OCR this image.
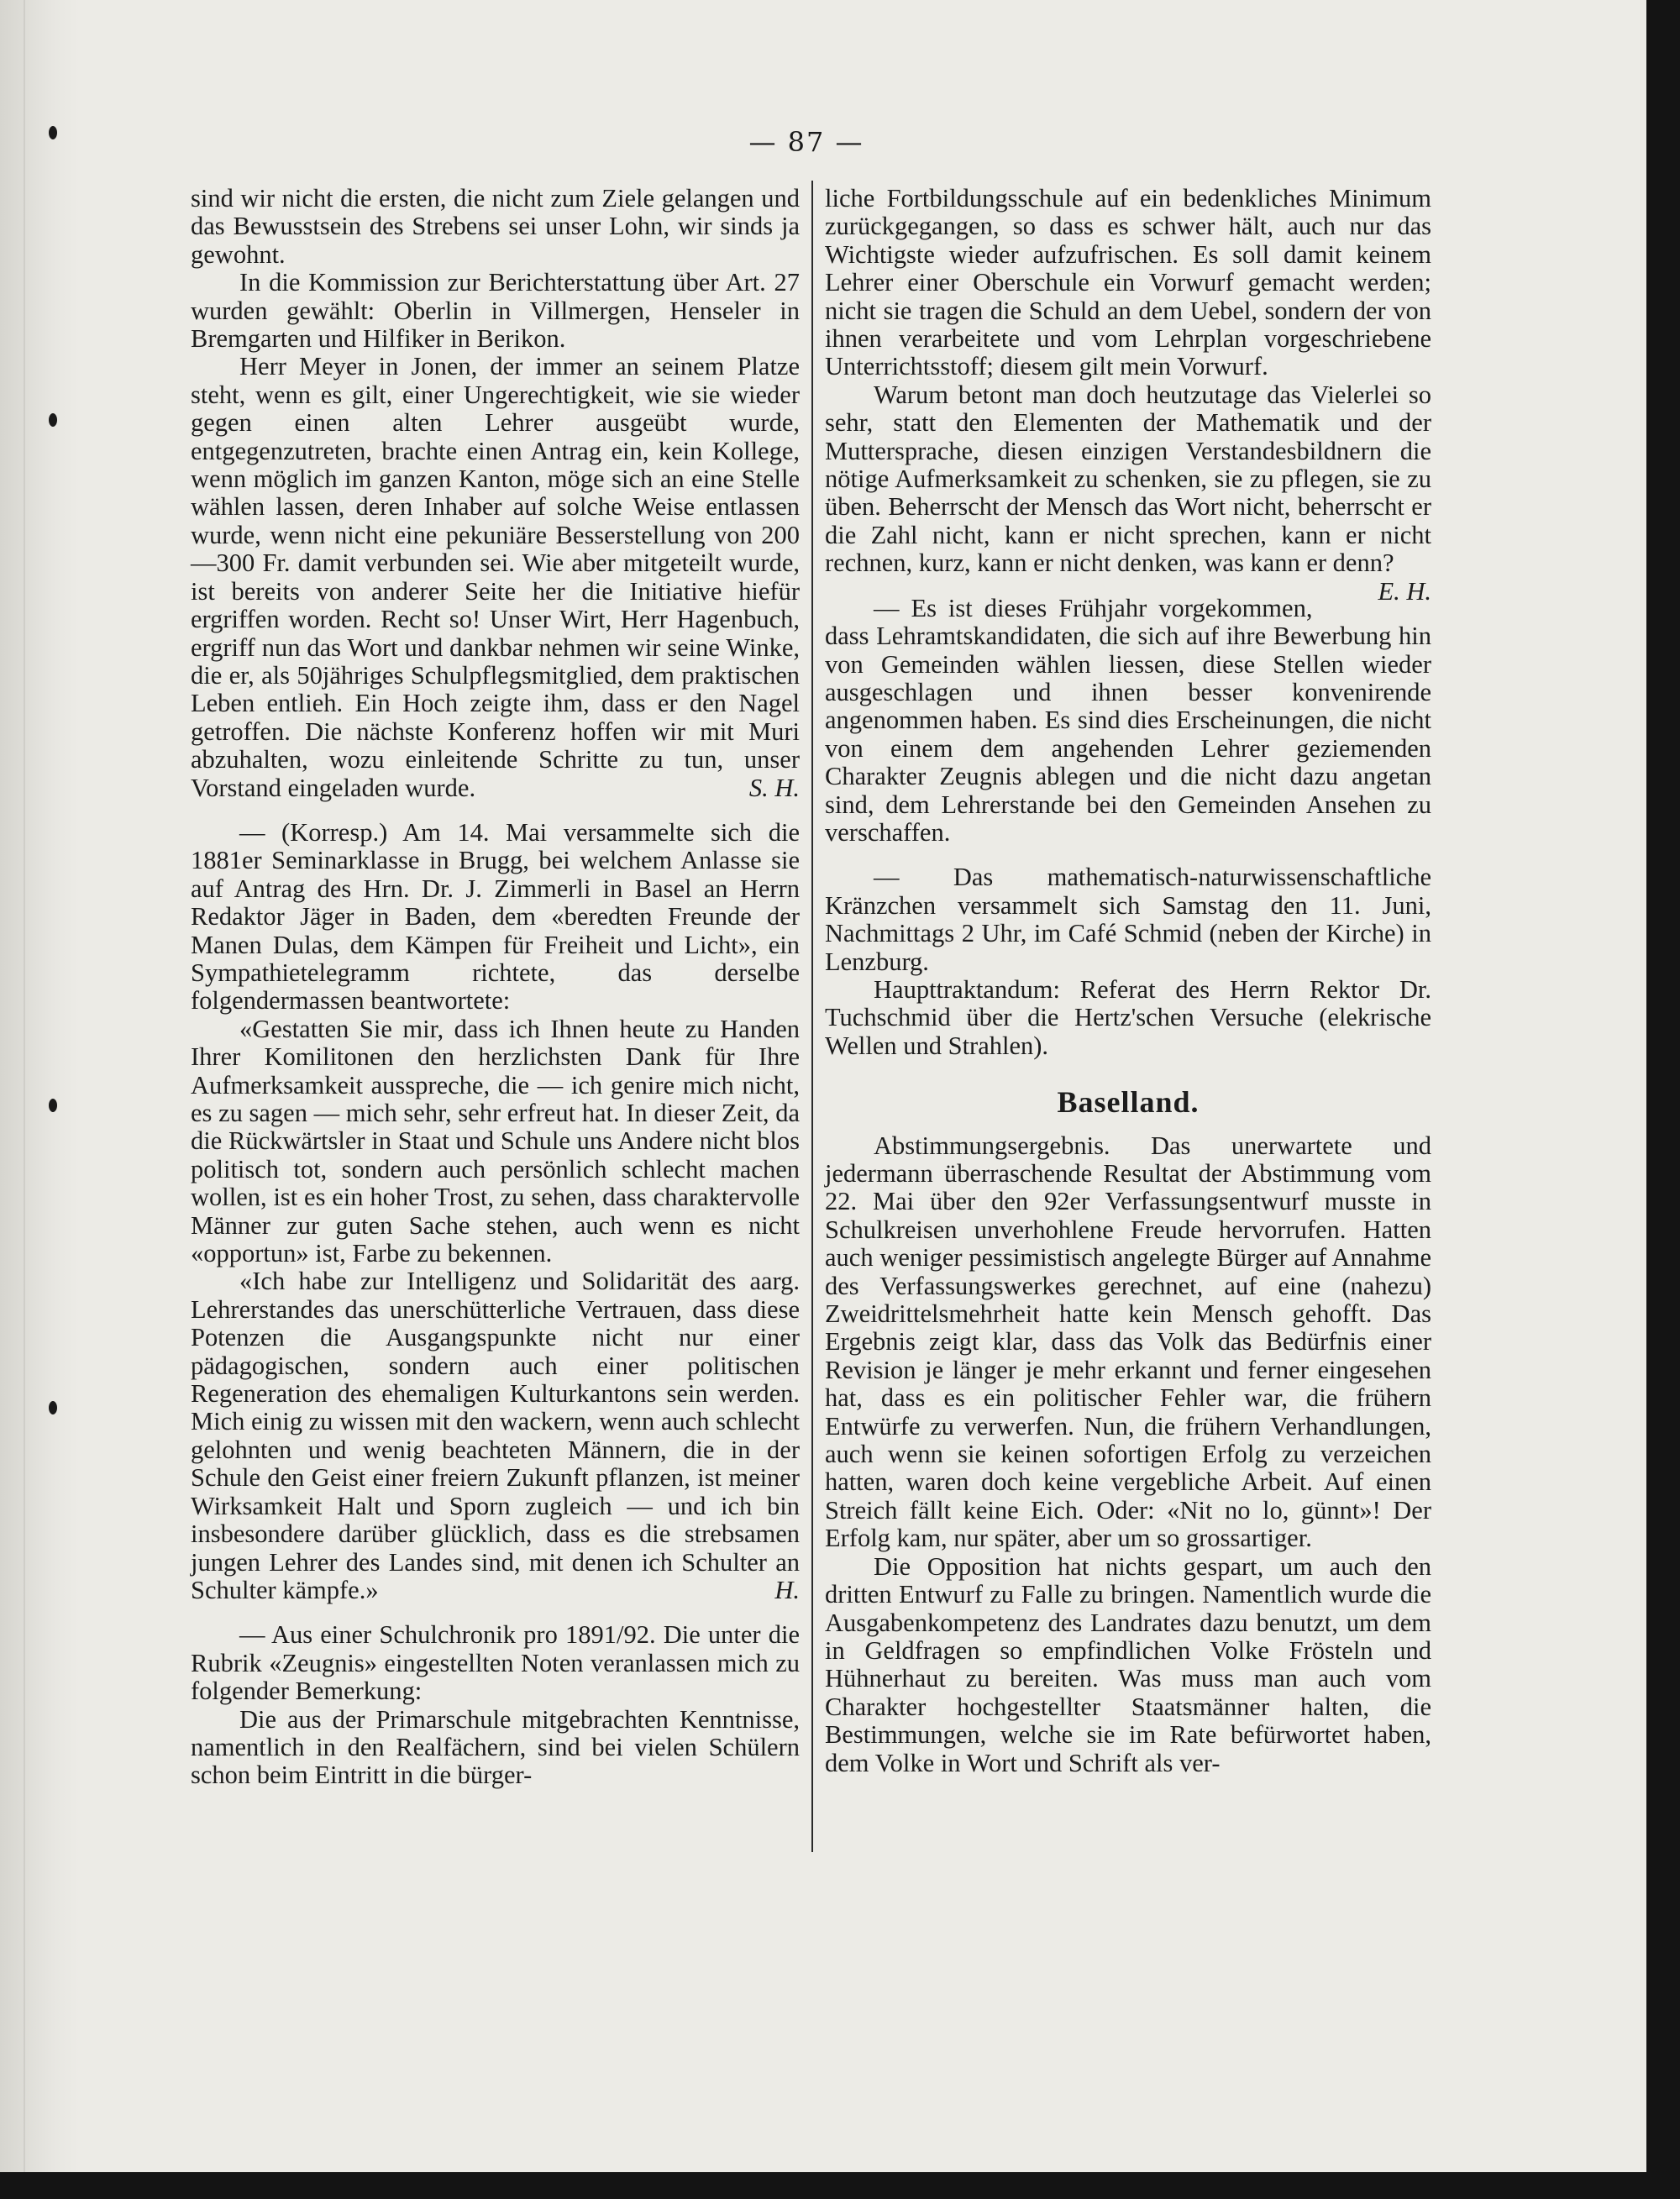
— 87 —

sind wir nicht die ersten, die nicht zum Ziele gelangen und das Bewusstsein des Strebens sei unser Lohn, wir sinds ja gewohnt.

In die Kommission zur Berichterstattung über Art. 27 wurden gewählt: Oberlin in Villmergen, Henseler in Bremgarten und Hilfiker in Berikon.

Herr Meyer in Jonen, der immer an seinem Platze steht, wenn es gilt, einer Ungerechtigkeit, wie sie wieder gegen einen alten Lehrer ausgeübt wurde, entgegenzutreten, brachte einen Antrag ein, kein Kollege, wenn möglich im ganzen Kanton, möge sich an eine Stelle wählen lassen, deren Inhaber auf solche Weise entlassen wurde, wenn nicht eine pekuniäre Besserstellung von 200—300 Fr. damit verbunden sei. Wie aber mitgeteilt wurde, ist bereits von anderer Seite her die Initiative hiefür ergriffen worden. Recht so! Unser Wirt, Herr Hagenbuch, ergriff nun das Wort und dankbar nehmen wir seine Winke, die er, als 50jähriges Schulpflegsmitglied, dem praktischen Leben entlieh. Ein Hoch zeigte ihm, dass er den Nagel getroffen. Die nächste Konferenz hoffen wir mit Muri abzuhalten, wozu einleitende Schritte zu tun, unser Vorstand eingeladen wurde.	S. H.

— (Korresp.) Am 14. Mai versammelte sich die 1881er Seminarklasse in Brugg, bei welchem Anlasse sie auf Antrag des Hrn. Dr. J. Zimmerli in Basel an Herrn Redaktor Jäger in Baden, dem «beredten Freunde der Manen Dulas, dem Kämpen für Freiheit und Licht», ein Sympathietelegramm richtete, das derselbe folgendermassen beantwortete:

«Gestatten Sie mir, dass ich Ihnen heute zu Handen Ihrer Komilitonen den herzlichsten Dank für Ihre Aufmerksamkeit ausspreche, die — ich genire mich nicht, es zu sagen — mich sehr, sehr erfreut hat. In dieser Zeit, da die Rückwärtsler in Staat und Schule uns Andere nicht blos politisch tot, sondern auch persönlich schlecht machen wollen, ist es ein hoher Trost, zu sehen, dass charaktervolle Männer zur guten Sache stehen, auch wenn es nicht «opportun» ist, Farbe zu bekennen.

«Ich habe zur Intelligenz und Solidarität des aarg. Lehrerstandes das unerschütterliche Vertrauen, dass diese Potenzen die Ausgangspunkte nicht nur einer pädagogischen, sondern auch einer politischen Regeneration des ehemaligen Kulturkantons sein werden. Mich einig zu wissen mit den wackern, wenn auch schlecht gelohnten und wenig beachteten Männern, die in der Schule den Geist einer freiern Zukunft pflanzen, ist meiner Wirksamkeit Halt und Sporn zugleich — und ich bin insbesondere darüber glücklich, dass es die strebsamen jungen Lehrer des Landes sind, mit denen ich Schulter an Schulter kämpfe.»	H.

— Aus einer Schulchronik pro 1891/92. Die unter die Rubrik «Zeugnis» eingestellten Noten veranlassen mich zu folgender Bemerkung:

Die aus der Primarschule mitgebrachten Kenntnisse, namentlich in den Realfächern, sind bei vielen Schülern schon beim Eintritt in die bürger-

liche Fortbildungsschule auf ein bedenkliches Minimum zurückgegangen, so dass es schwer hält, auch nur das Wichtigste wieder aufzufrischen. Es soll damit keinem Lehrer einer Oberschule ein Vorwurf gemacht werden; nicht sie tragen die Schuld an dem Uebel, sondern der von ihnen verarbeitete und vom Lehrplan vorgeschriebene Unterrichtsstoff; diesem gilt mein Vorwurf.

Warum betont man doch heutzutage das Vielerlei so sehr, statt den Elementen der Mathematik und der Muttersprache, diesen einzigen Verstandesbildnern die nötige Aufmerksamkeit zu schenken, sie zu pflegen, sie zu üben. Beherrscht der Mensch das Wort nicht, beherrscht er die Zahl nicht, kann er nicht sprechen, kann er nicht rechnen, kurz, kann er nicht denken, was kann er denn?
E. H.

— Es ist dieses Frühjahr vorgekommen, dass Lehramtskandidaten, die sich auf ihre Bewerbung hin von Gemeinden wählen liessen, diese Stellen wieder ausgeschlagen und ihnen besser konvenirende angenommen haben. Es sind dies Erscheinungen, die nicht von einem dem angehenden Lehrer geziemenden Charakter Zeugnis ablegen und die nicht dazu angetan sind, dem Lehrerstande bei den Gemeinden Ansehen zu verschaffen.

— Das mathematisch-naturwissenschaftliche Kränzchen versammelt sich Samstag den 11. Juni, Nachmittags 2 Uhr, im Café Schmid (neben der Kirche) in Lenzburg.

Haupttraktandum: Referat des Herrn Rektor Dr. Tuchschmid über die Hertz'schen Versuche (elekrische Wellen und Strahlen).

Baselland.

Abstimmungsergebnis. Das unerwartete und jedermann überraschende Resultat der Abstimmung vom 22. Mai über den 92er Verfassungsentwurf musste in Schulkreisen unverhohlene Freude hervorrufen. Hatten auch weniger pessimistisch angelegte Bürger auf Annahme des Verfassungswerkes gerechnet, auf eine (nahezu) Zweidrittelsmehrheit hatte kein Mensch gehofft. Das Ergebnis zeigt klar, dass das Volk das Bedürfnis einer Revision je länger je mehr erkannt und ferner eingesehen hat, dass es ein politischer Fehler war, die frühern Entwürfe zu verwerfen. Nun, die frühern Verhandlungen, auch wenn sie keinen sofortigen Erfolg zu verzeichen hatten, waren doch keine vergebliche Arbeit. Auf einen Streich fällt keine Eich. Oder: «Nit no lo, günnt»! Der Erfolg kam, nur später, aber um so grossartiger.

Die Opposition hat nichts gespart, um auch den dritten Entwurf zu Falle zu bringen. Namentlich wurde die Ausgabenkompetenz des Landrates dazu benutzt, um dem in Geldfragen so empfindlichen Volke Frösteln und Hühnerhaut zu bereiten. Was muss man auch vom Charakter hochgestellter Staatsmänner halten, die Bestimmungen, welche sie im Rate befürwortet haben, dem Volke in Wort und Schrift als ver-
